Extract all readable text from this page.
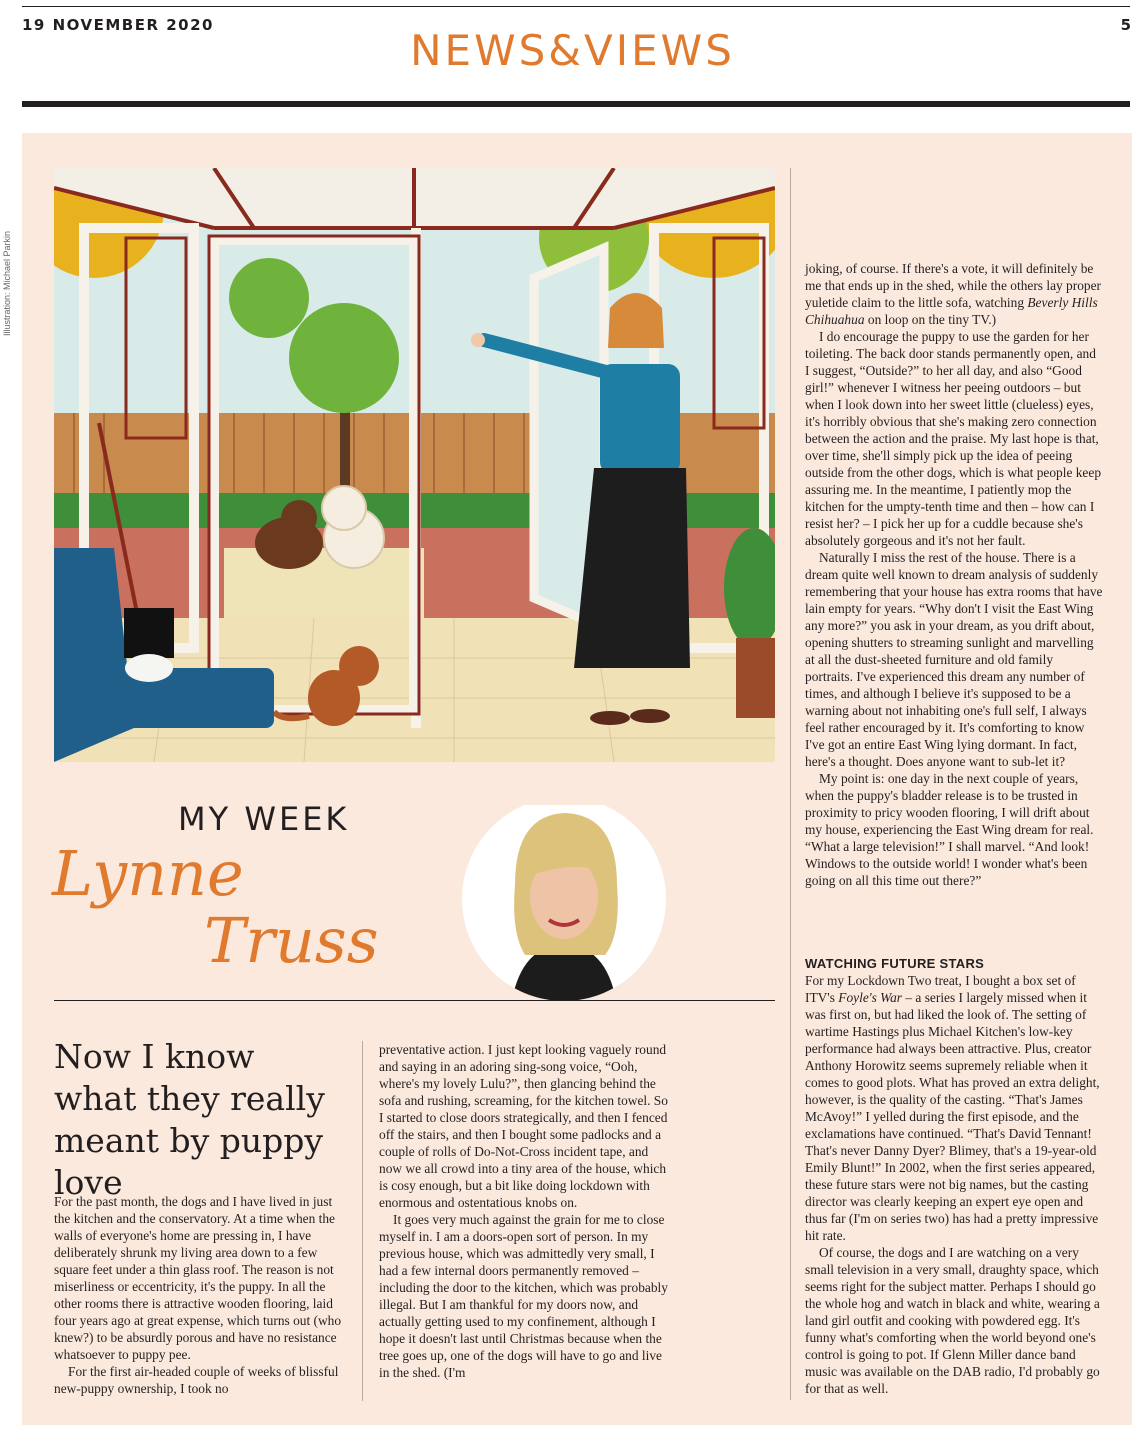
19 NOVEMBER 2020
NEWS&VIEWS
5
Illustration: Michael Parkin
MY WEEK
Lynne
Truss
Now I know what they really meant by puppy love

For the past month, the dogs and I have lived in just the kitchen and the conservatory. At a time when the walls of everyone's home are pressing in, I have deliberately shrunk my living area down to a few square feet under a thin glass roof. The reason is not miserliness or eccentricity, it's the puppy. In all the other rooms there is attractive wooden flooring, laid four years ago at great expense, which turns out (who knew?) to be absurdly porous and have no resistance whatsoever to puppy pee.

For the first air-headed couple of weeks of blissful new-puppy ownership, I took no

preventative action. I just kept looking vaguely round and saying in an adoring sing-song voice, “Ooh, where's my lovely Lulu?”, then glancing behind the sofa and rushing, screaming, for the kitchen towel. So I started to close doors strategically, and then I fenced off the stairs, and then I bought some padlocks and a couple of rolls of Do-Not-Cross incident tape, and now we all crowd into a tiny area of the house, which is cosy enough, but a bit like doing lockdown with enormous and ostentatious knobs on.

It goes very much against the grain for me to close myself in. I am a doors-open sort of person. In my previous house, which was admittedly very small, I had a few internal doors permanently removed – including the door to the kitchen, which was probably illegal. But I am thankful for my doors now, and actually getting used to my confinement, although I hope it doesn't last until Christmas because when the tree goes up, one of the dogs will have to go and live in the shed. (I'm

joking, of course. If there's a vote, it will definitely be me that ends up in the shed, while the others lay proper yuletide claim to the little sofa, watching Beverly Hills Chihuahua on loop on the tiny TV.)

I do encourage the puppy to use the garden for her toileting. The back door stands permanently open, and I suggest, “Outside?” to her all day, and also “Good girl!” whenever I witness her peeing outdoors – but when I look down into her sweet little (clueless) eyes, it's horribly obvious that she's making zero connection between the action and the praise. My last hope is that, over time, she'll simply pick up the idea of peeing outside from the other dogs, which is what people keep assuring me. In the meantime, I patiently mop the kitchen for the umpty-tenth time and then – how can I resist her? – I pick her up for a cuddle because she's absolutely gorgeous and it's not her fault.

Naturally I miss the rest of the house. There is a dream quite well known to dream analysis of suddenly remembering that your house has extra rooms that have lain empty for years. “Why don't I visit the East Wing any more?” you ask in your dream, as you drift about, opening shutters to streaming sunlight and marvelling at all the dust-sheeted furniture and old family portraits. I've experienced this dream any number of times, and although I believe it's supposed to be a warning about not inhabiting one's full self, I always feel rather encouraged by it. It's comforting to know I've got an entire East Wing lying dormant. In fact, here's a thought. Does anyone want to sub-let it?

My point is: one day in the next couple of years, when the puppy's bladder release is to be trusted in proximity to pricy wooden flooring, I will drift about my house, experiencing the East Wing dream for real. “What a large television!” I shall marvel. “And look! Windows to the outside world! I wonder what's been going on all this time out there?”

WATCHING FUTURE STARS

For my Lockdown Two treat, I bought a box set of ITV's Foyle's War – a series I largely missed when it was first on, but had liked the look of. The setting of wartime Hastings plus Michael Kitchen's low-key performance had always been attractive. Plus, creator Anthony Horowitz seems supremely reliable when it comes to good plots. What has proved an extra delight, however, is the quality of the casting. “That's James McAvoy!” I yelled during the first episode, and the exclamations have continued. “That's David Tennant! That's never Danny Dyer? Blimey, that's a 19-year-old Emily Blunt!” In 2002, when the first series appeared, these future stars were not big names, but the casting director was clearly keeping an expert eye open and thus far (I'm on series two) has had a pretty impressive hit rate.

Of course, the dogs and I are watching on a very small television in a very small, draughty space, which seems right for the subject matter. Perhaps I should go the whole hog and watch in black and white, wearing a land girl outfit and cooking with powdered egg. It's funny what's comforting when the world beyond one's control is going to pot. If Glenn Miller dance band music was available on the DAB radio, I'd probably go for that as well.
